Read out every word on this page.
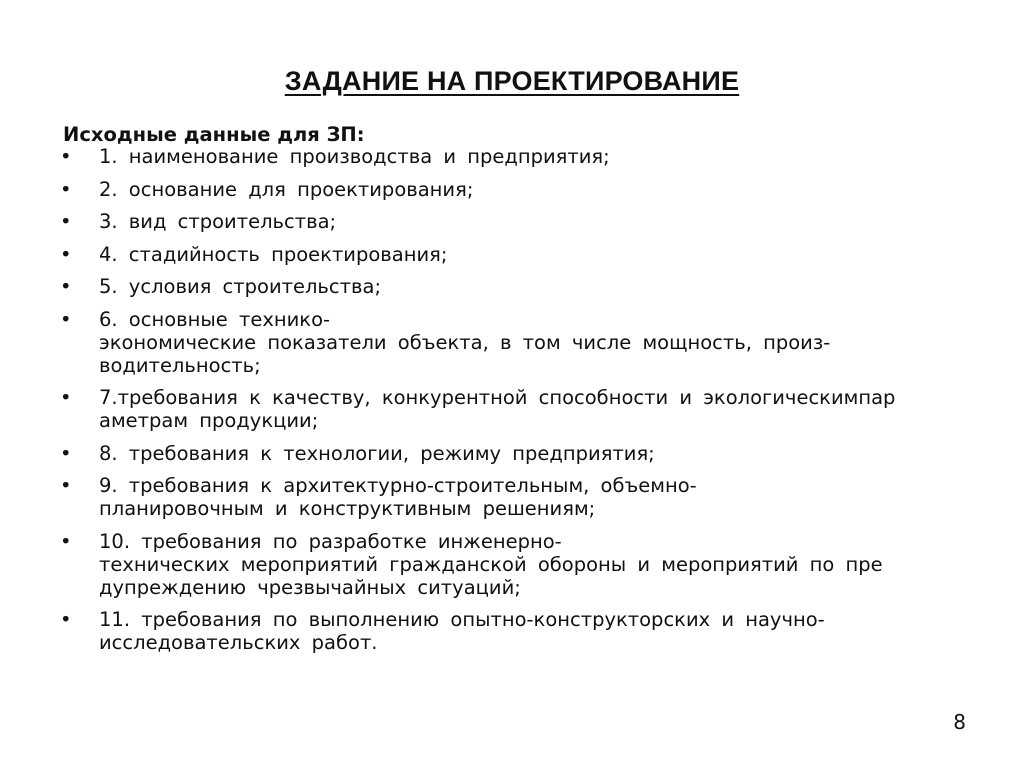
ЗАДАНИЕ НА ПРОЕКТИРОВАНИЕ
Исходные данные для ЗП:
• 1. наименование производства и предприятия;
• 2. основание для проектирования;
• 3. вид строительства;
• 4. стадийность проектирования;
• 5. условия строительства;
• 6. основные технико-
экономические показатели объекта, в том числе мощность, произ-
водительность;
• 7.требования к качеству, конкурентной способности и экологическимпар
аметрам продукции;
• 8. требования к технологии, режиму предприятия;
• 9. требования к архитектурно-строительным, объемно-
планировочным и конструктивным решениям;
• 10. требования по разработке инженерно-
технических мероприятий гражданской обороны и мероприятий по пре
дупреждению чрезвычайных ситуаций;
• 11. требования по выполнению опытно-конструкторских и научно-
исследовательских работ.
8
